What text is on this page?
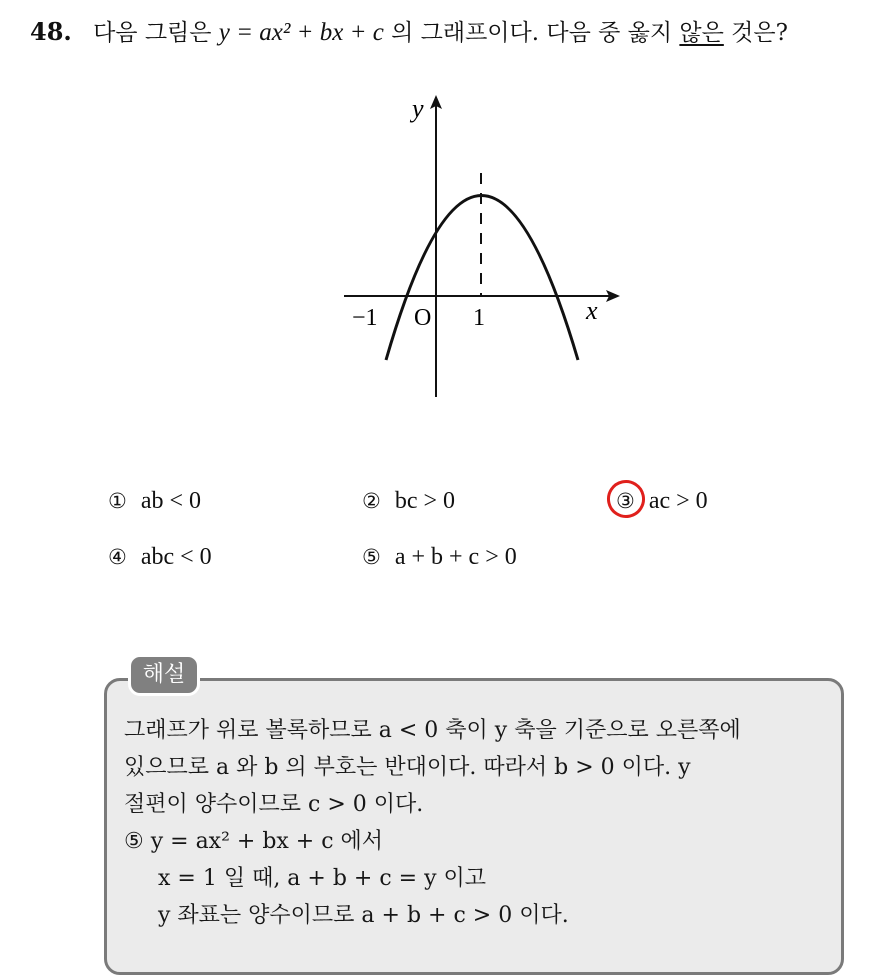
48. 다음 그림은 y = ax² + bx + c 의 그래프이다. 다음 중 옳지 않은 것은?
y
x
O
−1	1
① ab < 0	② bc > 0	③ ac > 0
④ abc < 0	⑤ a + b + c > 0
해설
그래프가 위로 볼록하므로 a < 0 축이 y 축을 기준으로 오른쪽에
있으므로 a 와 b 의 부호는 반대이다. 따라서 b > 0 이다. y
절편이 양수이므로 c > 0 이다.
⑤ y = ax² + bx + c 에서
x = 1 일 때, a + b + c = y 이고
y 좌표는 양수이므로 a + b + c > 0 이다.
